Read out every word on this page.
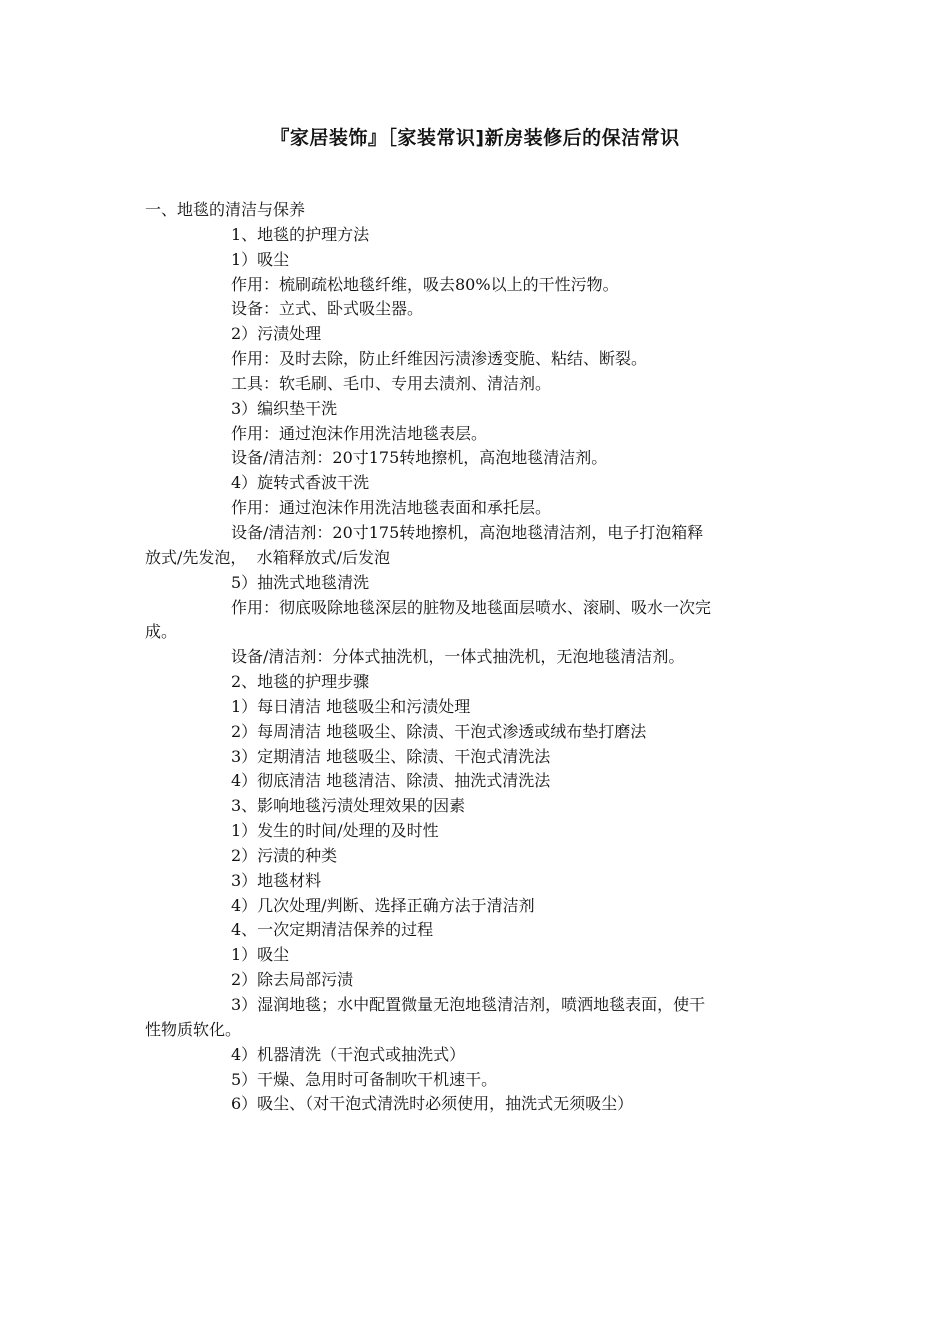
『家居装饰』［家装常识]新房装修后的保洁常识

一、地毯的清洁与保养

1、地毯的护理方法

1）吸尘

作用：梳刷疏松地毯纤维，吸去80%以上的干性污物。

设备：立式、卧式吸尘器。

2）污渍处理

作用：及时去除，防止纤维因污渍渗透变脆、粘结、断裂。

工具：软毛刷、毛巾、专用去渍剂、清洁剂。

3）编织垫干洗

作用：通过泡沫作用洗洁地毯表层。

设备/清洁剂：20寸175转地擦机，高泡地毯清洁剂。

4）旋转式香波干洗

作用：通过泡沫作用洗洁地毯表面和承托层。

设备/清洁剂：20寸175转地擦机，高泡地毯清洁剂，电子打泡箱释

放式/先发泡，  水箱释放式/后发泡

5）抽洗式地毯清洗

作用：彻底吸除地毯深层的脏物及地毯面层喷水、滚刷、吸水一次完

成。

设备/清洁剂：分体式抽洗机，一体式抽洗机，无泡地毯清洁剂。

2、地毯的护理步骤

1）每日清洁 地毯吸尘和污渍处理

2）每周清洁 地毯吸尘、除渍、干泡式渗透或绒布垫打磨法

3）定期清洁 地毯吸尘、除渍、干泡式清洗法

4）彻底清洁 地毯清洁、除渍、抽洗式清洗法

3、影响地毯污渍处理效果的因素

1）发生的时间/处理的及时性

2）污渍的种类

3）地毯材料

4）几次处理/判断、选择正确方法于清洁剂

4、一次定期清洁保养的过程

1）吸尘

2）除去局部污渍

3）湿润地毯；水中配置微量无泡地毯清洁剂，喷洒地毯表面，使干

性物质软化。

4）机器清洗（干泡式或抽洗式）

5）干燥、急用时可备制吹干机速干。

6）吸尘、（对干泡式清洗时必须使用，抽洗式无须吸尘）
